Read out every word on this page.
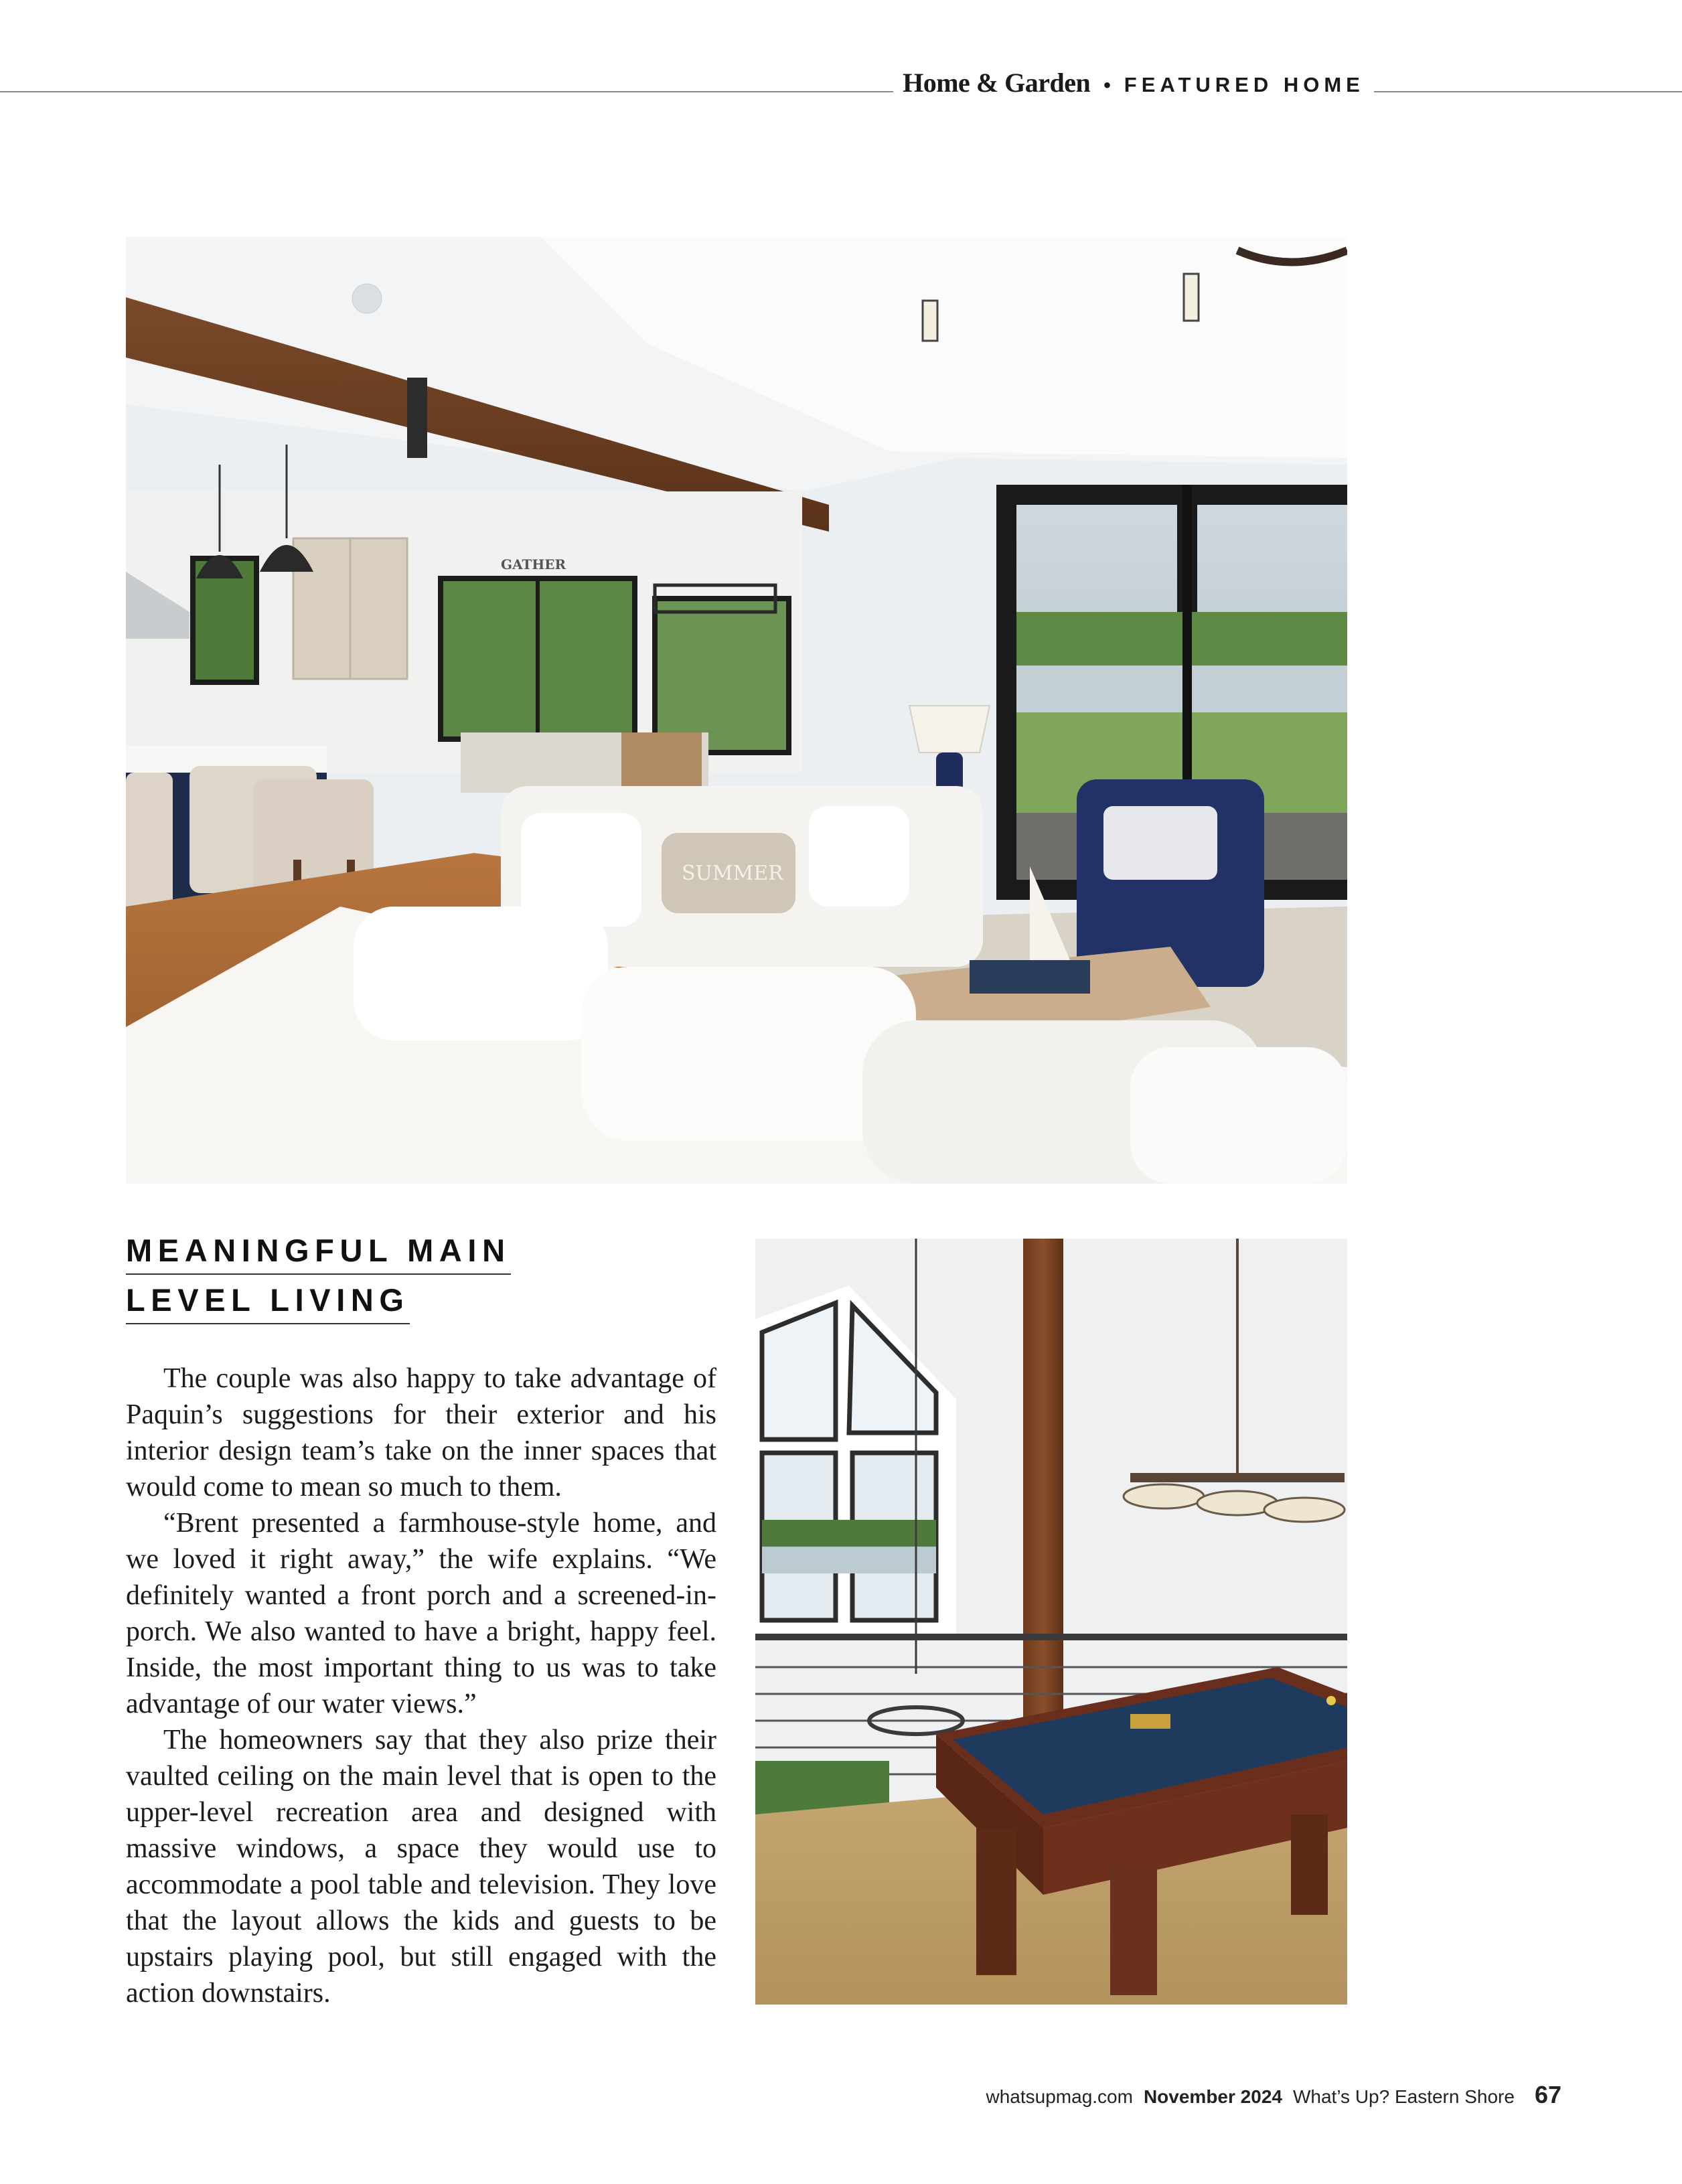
Home & Garden • FEATURED HOME
GATHER
SUMMER
MEANINGFUL MAIN
LEVEL LIVING

The couple was also happy to take advantage of Paquin’s suggestions for their exterior and his interior design team’s take on the inner spaces that would come to mean so much to them.

“Brent presented a farmhouse-style home, and we loved it right away,” the wife explains. “We definitely wanted a front porch and a screened-in-porch. We also wanted to have a bright, happy feel. Inside, the most important thing to us was to take advantage of our water views.”

The homeowners say that they also prize their vaulted ceiling on the main level that is open to the upper-level recreation area and designed with massive windows, a space they would use to accommodate a pool table and television. They love that the layout allows the kids and guests to be upstairs playing pool, but still engaged with the action downstairs.

whatsupmag.com November 2024 What’s Up? Eastern Shore 67
